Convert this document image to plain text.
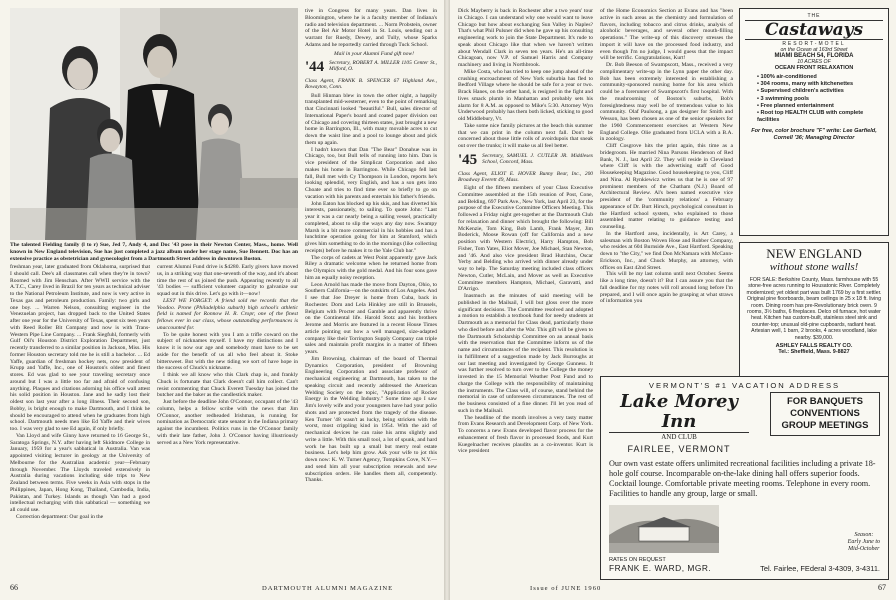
The talented Fielding family (l to r) Sue, Jed 7, Andy 4, and Doc '43 pose in their Newton Center, Mass., home. Well known in New England television, Sue has just completed a jazz album under her stage name, Sue Bennett. Doc has an extensive practice as obstetrician and gynecologist from a Dartmouth Street address in downtown Boston.

freshman year, later graduated from Oklahoma, surprised that I should call. Dee's all classmates call when they're in town? Roomed with Jim Henschan. After WWII service with the A.T.C., Carey lived in Brazil for ten years as technical adviser to the National Petroleum Institute, and now is very active in Texas gas and petroleum production. Family: two girls and one boy. ... Warren Nelson, consulting engineer in the Venezuelan project, has dropped back to the United States after one year for the University of Texas, spent six teen years with Reed Roller Bit Company and now is with Trans-Western Pipe Line Company. ... Frank Siegfuhl, formerly with Gulf Oil's Houston District Exploration Department, just recently transferred to a similar position in Jackson, Miss. His former Houston secretary told me he is still a bachelor. ... Ed Yaffe, guardian of freshman hockey nets, now president of Krupp and Yaffe, Inc., one of Houston's oldest and finest stores. Ed was glad to see your traveling secretary once around but I was a little too far and afraid of confusing anything. Plaques and citations adorning his office wall attest his solid position in Houston. Jane and he sadly lost their oldest son last year after a long illness. Their second son, Bobby, is bright enough to make Dartmouth, and I think he should be encouraged to attend when he graduates from high school. Dartmouth needs men like Ed Yaffe and their wives too. I was very glad to see Ed again, if only briefly.

Van Lloyd and wife Ginny have returned to 16 George St., Saratoga Springs, N.Y. after having left Skidmore College in January, 1959 for a year's sabbatical in Australia. Van was appointed visiting lecturer in geology at the University of Melbourne for the Australian academic year—February through November. The Lloyds traveled extensively in Australia during vacations including side trips to New Zealand between terms. Five weeks in Asia with stops in the Philippines, Japan, Hong Kong, Thailand, Cambodia, India, Pakistan, and Turkey. Islands as though Van had a good intellectual recharging with this sabbatical — something we all could use.

Correction department: Our goal in the

current Alumni Fund drive is $4280. Early givers have moved us, in a striking way that one-seventh of the way, and it's about time the rest of us joined the push. Appearing recently to all '43 bodies — sufficient volunteer capacity to galvanize our squad out in this drive. Let's go with it—now!

LEST WE FORGET: A friend sold me records that the Voodoo. Prone (Philadelphia suburb) high school's athletic field is named for Ronnow H. R. Cropr, one of the finest fellows ever in our class, whose outstanding performances is unaccounted for.

To be quite honest with you I am a trifle coward on the subject of nicknames myself. I have my distinctions and I know it is now our age and somebody must have to be set aside for the benefit of us all who feel about it. Stoke bittersweet. But with the new tiding we sort of have hope in the success of Chuck's nickname.

I think we all know who this Clark chap is, and frankly Chuck is fortunate that Clark doesn't call him collect. Can't resist commenting that Chuck Everett Tuesday has joined the butcher and the baker as the candlestick maker.

Just before the deadline John O'Connor, occupant of the '43 column, helps a fellow scribe with the news that Jim O'Connor, another redheaded Irishman, is running for nomination as Democratic state senator in the Indiana primary against the incumbent. Politics runs in the O'Connor family with their late father, John J. O'Connor having illustriously served as a New York representative.

tive in Congress for many years. Dan lives in Bloomington, where he is a faculty member of Indiana's radio and television department. ... Norm Probstein, owner of the Bel Air Motor Hotel in St. Louis, sending out a warrant for Ruedy, Dewey, and Tully, whose Sparks Adams and he reportedly carried through Tuck School.

Mail in your Alumni Fund gift now!

'44 Secretary, ROBERT A. MILLER 1105 Center St., Milford, O.

Class Agent, FRANK B. SPENCER 67 Highland Ave., Rowayton, Conn.

Bull Hinman blew in town the other night, a happily transplanted mid-westerner, even to the point of remarking that Cincinnati looked "beautiful." Bull, sales director of International Paper's board and coated paper division out of Chicago and covering thirteen states, just brought a new home in Barrington, Ill., with many movable acres to cut down the waist line and a pool to lounge about and pick them up again.

I hadn't known that Dan "The Bear" Donahue was in Chicago, too, but Bull tells of running into him. Dan is vice president of the Simplicat Corporation and also makes his home in Barrington. While Chicago fell last fall, Bull met with Cy Thompson in London, reports he's looking splendid, very English, and has a son gets into Choate and tries to find time ever so briefly to go on vacation with his parents and entertain his father's friends.

John Eaton has blocked up his skis, and has diverted his interests, passionately, to sailing. To quote John: "Last year it was a car nearly being a sailing vessel, practically completed, about to slip the ways any day now. Swampy Marsh is a bit more commercial in his hobbies and has a lunchtime operation going for him at Stamford, which gives him something to do in the mornings (like collecting receipts) before he makes it to the Yale Club bar."

The corps of cadets at West Point apparently gave Jack Riley a dramatic welcome when he returned home from the Olympics with the gold medal. And his four sons gave him an equally noisy reception.

Leon Arnold has made the move from Dayton, Ohio, to Southern California—on the outskirts of Los Angeles. And I see that Joe Dreyer is home from Cuba, back in Rochester. Dom and Lela Hinkley are still in Brussels, Belgium with Procter and Gamble and apparently thrive on the Continental life. Harold Stotz and his brothers Jerome and Morris are featured in a recent House Times article pointing out how a well managed, size-adapted company like their Torrington Supply Company can triple sales and maintain profit margins in a matter of fifteen years.

Jim Browning, chairman of the board of Thermal Dynamics Corporation, president of Browning Engineering Corporation and associate professor of mechanical engineering at Dartmouth, has taken to the speaking circuit and recently addressed the American Welding Society on the topic, "Application of Rocket Energy in the Welding Industry." Some time ago I saw Jim's lovely wife and your youngsters have had your polio shots and are protected from the tragedy of the disease. Ken Turner '48 wasn't as lucky, being stricken with the worst, most crippling kind in 1954. With the aid of mechanical devices he can raise his arms slightly and write a little. With this small tool, a lot of spunk, and hard work he has built up a small but merry real estate business. Let's help him grow. Ask your wife to jot this down now: K. W. Turner Agency, Tompkins Cove, N.Y.—and send him all your subscription renewals and new subscription orders. He handles them all, competently. Thanks.

66	DARTMOUTH ALUMNI MAGAZINE

Dick Mayberry is back in Rochester after a two years' tour in Chicago. I can understand why one would want to leave Chicago but how about exchanging Sun Valley in Naples? That's what Phil Pulsner did when he gave up his consulting engineering work to join the State Department. It's rude to speak about Chicago like that when we haven't written about Wendall Clark in seven ten years. He's an all-time Chicagoan, now V.P. of Samuel Harris and Company machinery and living in Northbrook.

Mike Costa, who has tried to keep one jump ahead of the crushing encroachment of New York suburbia has fled to Bedford Village where he should be safe for a year or two. Brack Hanes, on the other hand, is resigned in the fight and lives smack plumb in Manhattan and probably sets his alarm for 8 A.M. as opposed to Mike's 5:30. Attorney Wyn Underwood probably has them both licked, sticking to good old Middlebury, Vt.

Take some nice family pictures at the beach this summer that we can print in the column next fall. Don't be concerned about those little rolls of avoirdupois that sneak out over the trunks; it will make us all feel better.

'45 Secretary, SAMUEL J. CUTLER JR. Middlesex School, Concord, Mass.

Class Agent, ELIOT E. HOVER Bunny Bear, Inc., 200 Broadway Everett 49, Mass.

Eight of the fifteen members of your Class Executive Committee assembled at the 15th reunion of Post, Cone, and Belding, 697 Park Ave., New York, last April 23, for the purpose of the Executive Committee Officers Meeting. This followed a Friday night get-together at the Dartmouth Club for relaxation and dinner which brought the following: Bill McKenzie, Tom King, Bob Lamb, Frank Mayer, Jim Boderick, Moose Rowan (off for California and a new position with Western Electric), Harry Hampton, Bob Fisher, Tom Yates, Eliot Mover, Joe Michael, Stan Newton, and '46. And also vice president Brad Hutchins, Oscar Yerby and Belding who arrived with dinner already under way to help. The Saturday meeting included class officers Newton, Cutler, McLain, and Mover as well as Executive Committee members Hampton, Michael, Garavatti, and D'Arrigo.

Inasmuch as the minutes of said meeting will be published in the Mailsail, I will but gloss over the more significant decisions. The Committee resolved and adopted a motion to establish a textbook fund for needy students at Dartmouth as a memorial for Class dead, particularly those who died before and after the War. This gift will be given to the Dartmouth Scholarship Committee on an annual basis with the reservation that the Committee inform us of the name and circumstances of the recipient. This resolution is in fulfillment of a suggestion made by Jack Burroughs at our last meeting and investigated by George Gunness. It was further resolved to turn over to the College the money invested in the 15 Memorial Weather Post Fund and to charge the College with the responsibility of maintaining the instruments. The Class will, of course, stand behind the memorial in case of unforeseen circumstances. The rest of the business consisted of a fine dinner. I'll let you read of such in the Mailsail.

The headline of the month involves a very tasty matter from Evans Research and Development Corp. of New York. To concerns a new Evans developed flavor process for the enhancement of fresh flavor in processed foods, and Kurt Kuegelnacher receives plaudits as a co-inventor. Kurt is vice president

of the Home Economics Section at Evans and has "been active in such areas as the chemistry and formulation of flavors, including tobacco and citrus drinks, analysis of alcoholic beverages, and several other mouth-filling operations." The write-up of this discovery stresses the import it will have on the processed food industry, and even though I'm no judge, I would guess that the impact will be terrific. Congratulations, Kurt!

Dr. Bob Beeson of Swampscott, Mass., received a very complimentary write-up in the Lynn paper the other day. Bob has been extremely interested in establishing a community-sponsored nursing home for his area which could be a forerunner of Swampscott's first hospital. With the mushrooming of Boston's suburbs, Bob's foresightedness may well be of tremendous value to his community. Olaf Paulsong, a gas designer for Smith and Wesson, has been chosen as one of the senior speakers for the 1960 Commencement exercises at Western New England College. Olie graduated from UCLA with a B.A. in zoology.

Cliff Cosgrove hits the print again, this time as a bridegroom. He married Nina Parsons Henderson of Red Bank, N. J., last April 22. They will reside in Cleveland where Cliff is with the advertising staff of Good Housekeeping Magazine. Good housekeeping to you, Cliff and Nina. Al Rynkiewicz writes us that he is one of 97 prominent members of the Chatham (N.J.) Board of Architectural Review. Al's been named executive vice president of the 'community relations' a February appearance of Dr. Burt Hirsch, psychological consultant in the Hartford school system, who explained to those assembled matter relating to guidance testing and counseling.

In the Hartford area, incidentally, is Art Carey, a salesman with Boston Woven Hose and Rubber Company, who resides at 604 Burnside Ave., East Hartford. Speaking down to "the City," we find Don McNamara with McCann-Erickson, Inc., and Chuck Murphy, an attorney, with offices on East 42nd Street.

This will be my last column until next October. Seems like a long time, doesn't it? But I can assure you that the fall deadline for my notes will roll around long before I'm prepared, and I will once again be grasping at what straws of information you

THE
Castaways
RESORT-MOTEL
on the Ocean at 163rd Street
MIAMI BEACH 54, FLORIDA
10 ACRES OF
OCEAN FRONT RELAXATION
• 100% air-conditioned
• 304 rooms, many with kitchenettes
• Supervised children's activities
• 3 swimming pools
• Free planned entertainment
• Root top HEALTH CLUB with complete facilities
For free, color brochure "F" write: Lee Garfield, Cornell '36; Managing Director
NEW ENGLAND
without stone walls!
FOR SALE: Berkshire County, Mass. farmhouse with 55 stone-free acres running to Housatonic River. Completely modernized; yet oldest part was built 1769 by a first settler. Original pine floorboards, beam ceilings in 25 x 18 ft. living room. Dining room has pre-Revolutionary brick oven. 9 rooms, 3½ baths, 6 fireplaces. Delco oil furnace, hot water heat. Kitchen has custom-built, stainless steel sink and counter-top; unusual old-pine cupboards, radiant heat. Artesian well, 1 barn, 2 brooks, 4 acres woodland, lake nearby. $39,000.
ASHLEY FALLS REALTY CO.
Tel.: Sheffield, Mass. 9-8827
VERMONT'S #1 VACATION ADDRESS
Lake Morey Inn
AND CLUB
FAIRLEE, VERMONT
FOR BANQUETS
CONVENTIONS
GROUP MEETINGS
Our own vast estate offers unlimited recreational facilities including a private 18-hole golf course. Incomparable on-the-lake dining hall offers superior foods. Cocktail lounge. Comfortable private meeting rooms. Telephone in every room. Facilities to handle any group, large or small.
Season:
Early June to
Mid-October
RATES ON REQUEST
FRANK E. WARD, MGR.	Tel. Fairlee, FEderal 3-4309, 3-4311.
Issue of JUNE 1960	67
